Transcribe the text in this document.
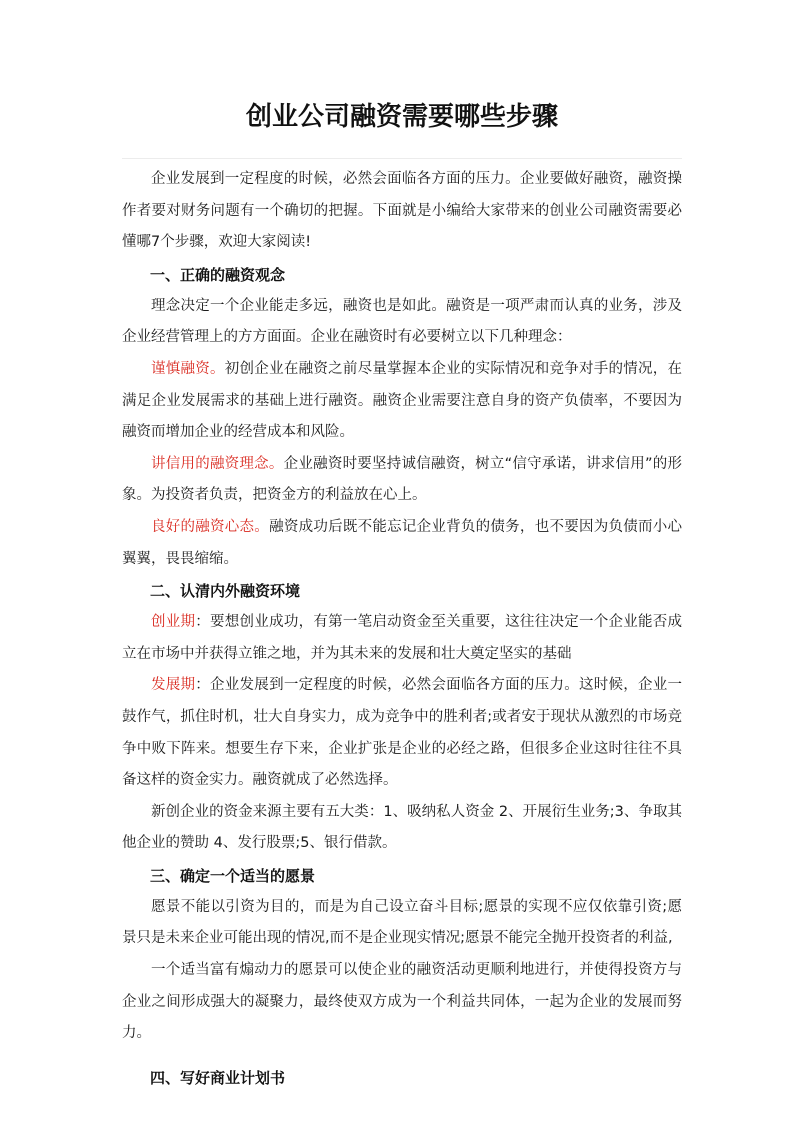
创业公司融资需要哪些步骤

企业发展到一定程度的时候，必然会面临各方面的压力。企业要做好融资，融资操作者要对财务问题有一个确切的把握。下面就是小编给大家带来的创业公司融资需要必懂哪7个步骤，欢迎大家阅读!

一、正确的融资观念

理念决定一个企业能走多远，融资也是如此。融资是一项严肃而认真的业务，涉及企业经营管理上的方方面面。企业在融资时有必要树立以下几种理念：

谨慎融资。初创企业在融资之前尽量掌握本企业的实际情况和竞争对手的情况，在满足企业发展需求的基础上进行融资。融资企业需要注意自身的资产负债率，不要因为融资而增加企业的经营成本和风险。

讲信用的融资理念。企业融资时要坚持诚信融资，树立“信守承诺，讲求信用”的形象。为投资者负责，把资金方的利益放在心上。

良好的融资心态。融资成功后既不能忘记企业背负的债务，也不要因为负债而小心翼翼，畏畏缩缩。

二、认清内外融资环境

创业期：要想创业成功，有第一笔启动资金至关重要，这往往决定一个企业能否成立在市场中并获得立锥之地，并为其未来的发展和壮大奠定坚实的基础

发展期：企业发展到一定程度的时候，必然会面临各方面的压力。这时候，企业一鼓作气，抓住时机，壮大自身实力，成为竞争中的胜利者;或者安于现状从激烈的市场竞争中败下阵来。想要生存下来，企业扩张是企业的必经之路，但很多企业这时往往不具备这样的资金实力。融资就成了必然选择。

新创企业的资金来源主要有五大类：1、吸纳私人资金 2、开展衍生业务;3、争取其他企业的赞助 4、发行股票;5、银行借款。

三、确定一个适当的愿景

愿景不能以引资为目的，而是为自己设立奋斗目标;愿景的实现不应仅依靠引资;愿景只是未来企业可能出现的情况,而不是企业现实情况;愿景不能完全抛开投资者的利益,

一个适当富有煽动力的愿景可以使企业的融资活动更顺利地进行，并使得投资方与企业之间形成强大的凝聚力，最终使双方成为一个利益共同体，一起为企业的发展而努力。

四、写好商业计划书
